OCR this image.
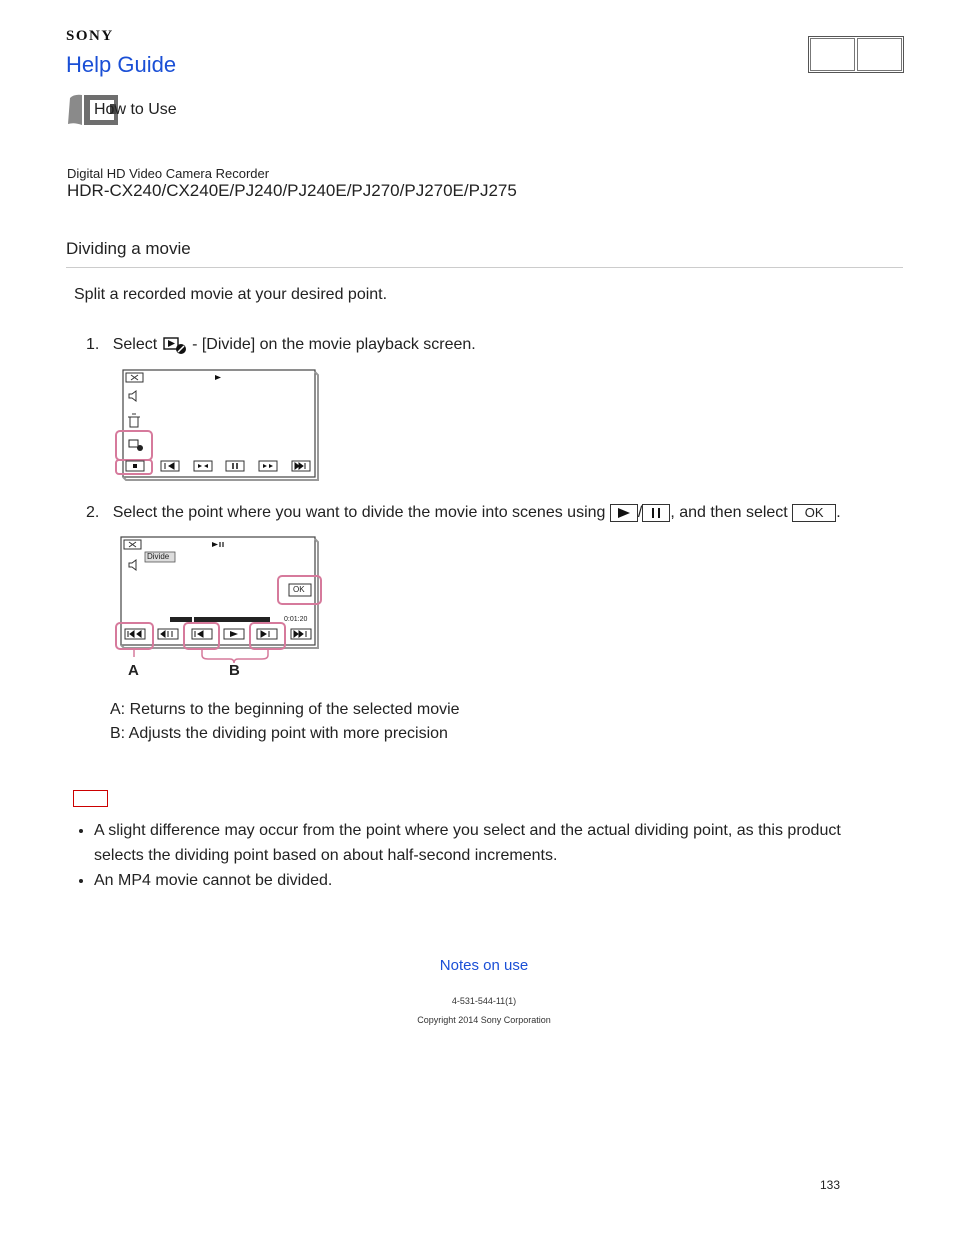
SONY
Help Guide
How to Use
Digital HD Video Camera Recorder
HDR-CX240/CX240E/PJ240/PJ240E/PJ270/PJ270E/PJ275
Dividing a movie
Split a recorded movie at your desired point.
1. Select - [Divide] on the movie playback screen.
2. Select the point where you want to divide the movie into scenes using / , and then select OK .
Divide
OK
0:01:20
A	B
A: Returns to the beginning of the selected movie
B: Adjusts the dividing point with more precision
• A slight difference may occur from the point where you select and the actual dividing point, as this product selects the dividing point based on about half-second increments.
• An MP4 movie cannot be divided.
Notes on use
4-531-544-11(1)
Copyright 2014 Sony Corporation
133
